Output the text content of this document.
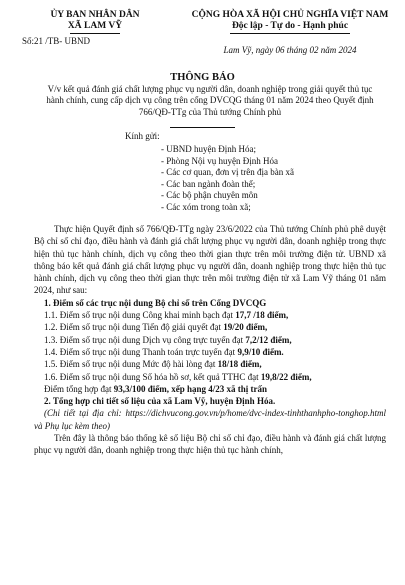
ỦY BAN NHÂN DÂN
XÃ LAM VỸ
Số:21 /TB- UBND
CỘNG HÒA XÃ HỘI CHỦ NGHĨA VIỆT NAM
Độc lập - Tự do - Hạnh phúc
Lam Vỹ, ngày 06 tháng 02 năm 2024
THÔNG BÁO
V/v kết quả đánh giá chất lượng phục vụ người dân, doanh nghiệp trong giải quyết thủ tục hành chính, cung cấp dịch vụ công trên cổng DVCQG tháng 01 năm 2024 theo Quyết định 766/QĐ-TTg của Thủ tướng Chính phủ
Kính gửi:
- UBND huyện Định Hóa;
- Phòng Nội vụ huyện Định Hóa
- Các cơ quan, đơn vị trên địa bàn xã
- Các ban ngành đoàn thể;
- Các bộ phận chuyên môn
- Các xóm trong toàn xã;

Thực hiện Quyết định số 766/QĐ-TTg ngày 23/6/2022 của Thủ tướng Chính phủ phê duyệt Bộ chỉ số chỉ đạo, điều hành và đánh giá chất lượng phục vụ người dân, doanh nghiệp trong thực hiện thủ tục hành chính, dịch vụ công theo thời gian thực trên môi trường điện tử. UBND xã thông báo kết quả đánh giá chất lượng phục vụ người dân, doanh nghiệp trong thực hiện thủ tục hành chính, dịch vụ công theo thời gian thực trên môi trường điện tử xã Lam Vỹ tháng 01 năm 2024, như sau:

1. Điểm số các trục nội dung Bộ chỉ số trên Cổng DVCQG

1.1. Điểm số trục nội dung Công khai minh bạch đạt 17,7 /18 điểm,

1.2. Điểm số trục nội dung Tiến độ giải quyết đạt 19/20 điểm,

1.3. Điểm số trục nội dung Dịch vụ công trực tuyến đạt 7,2/12 điểm,

1.4. Điểm số trục nội dung Thanh toán trực tuyến đạt 9,9/10 điểm.

1.5. Điểm số trục nội dung Mức độ hài lòng đạt 18/18 điểm,

1.6. Điểm số trục nội dung Số hóa hồ sơ, kết quả TTHC đạt 19,8/22 điểm,

Điểm tổng hợp đạt 93,3/100 điểm, xếp hạng 4/23 xã thị trấn

2. Tổng hợp chi tiết số liệu của xã Lam Vỹ, huyện Định Hóa.

(Chi tiết tại địa chỉ: https://dichvucong.gov.vn/p/home/dvc-index-tinhthanhpho-tonghop.html và Phụ lục kèm theo)

Trên đây là thông báo thống kê số liệu Bộ chỉ số chỉ đạo, điều hành và đánh giá chất lượng phục vụ người dân, doanh nghiệp trong thực hiện thủ tục hành chính,
